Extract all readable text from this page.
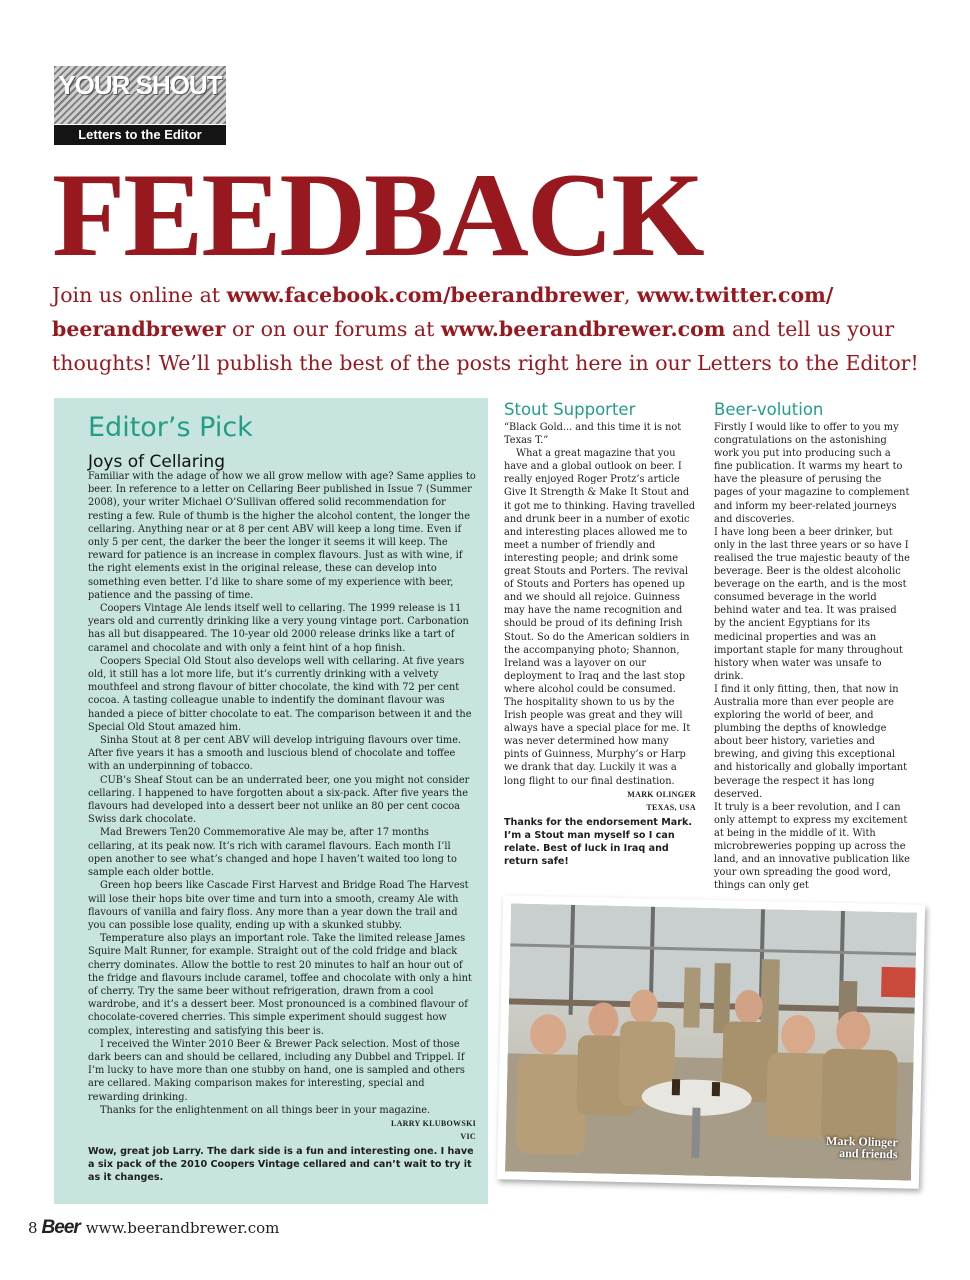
YOUR SHOUT
Letters to the Editor
FEEDBACK
Join us online at www.facebook.com/beerandbrewer, www.twitter.com/
beerandbrewer or on our forums at www.beerandbrewer.com and tell us your thoughts! We’ll publish the best of the posts right here in our Letters to the Editor!
Editor’s Pick
Joys of Cellaring

Familiar with the adage of how we all grow mellow with age? Same applies to beer. In reference to a letter on Cellaring Beer published in Issue 7 (Summer 2008), your writer Michael O’Sullivan offered solid recommendation for resting a few. Rule of thumb is the higher the alcohol content, the longer the cellaring. Anything near or at 8 per cent ABV will keep a long time. Even if only 5 per cent, the darker the beer the longer it seems it will keep. The reward for patience is an increase in complex flavours. Just as with wine, if the right elements exist in the original release, these can develop into something even better. I’d like to share some of my experience with beer, patience and the passing of time.

Coopers Vintage Ale lends itself well to cellaring. The 1999 release is 11 years old and currently drinking like a very young vintage port. Carbonation has all but disappeared. The 10-year old 2000 release drinks like a tart of caramel and chocolate and with only a feint hint of a hop finish.

Coopers Special Old Stout also develops well with cellaring. At five years old, it still has a lot more life, but it’s currently drinking with a velvety mouthfeel and strong flavour of bitter chocolate, the kind with 72 per cent cocoa. A tasting colleague unable to indentify the dominant flavour was handed a piece of bitter chocolate to eat. The comparison between it and the Special Old Stout amazed him.

Sinha Stout at 8 per cent ABV will develop intriguing flavours over time. After five years it has a smooth and luscious blend of chocolate and toffee with an underpinning of tobacco.

CUB’s Sheaf Stout can be an underrated beer, one you might not consider cellaring. I happened to have forgotten about a six-pack. After five years the flavours had developed into a dessert beer not unlike an 80 per cent cocoa Swiss dark chocolate.

Mad Brewers Ten20 Commemorative Ale may be, after 17 months cellaring, at its peak now. It’s rich with caramel flavours. Each month I’ll open another to see what’s changed and hope I haven’t waited too long to sample each older bottle.

Green hop beers like Cascade First Harvest and Bridge Road The Harvest will lose their hops bite over time and turn into a smooth, creamy Ale with flavours of vanilla and fairy floss. Any more than a year down the trail and you can possible lose quality, ending up with a skunked stubby.

Temperature also plays an important role. Take the limited release James Squire Malt Runner, for example. Straight out of the cold fridge and black cherry dominates. Allow the bottle to rest 20 minutes to half an hour out of the fridge and flavours include caramel, toffee and chocolate with only a hint of cherry. Try the same beer without refrigeration, drawn from a cool wardrobe, and it’s a dessert beer. Most pronounced is a combined flavour of chocolate-covered cherries. This simple experiment should suggest how complex, interesting and satisfying this beer is.

I received the Winter 2010 Beer & Brewer Pack selection. Most of those dark beers can and should be cellared, including any Dubbel and Trippel. If I’m lucky to have more than one stubby on hand, one is sampled and others are cellared. Making comparison makes for interesting, special and rewarding drinking.

Thanks for the enlightenment on all things beer in your magazine.

LARRY KLUBOWSKI
VIC
Wow, great job Larry. The dark side is a fun and interesting one. I have a six pack of the 2010 Coopers Vintage cellared and can’t wait to try it as it changes.
Stout Supporter

“Black Gold... and this time it is not Texas T.”

What a great magazine that you have and a global outlook on beer. I really enjoyed Roger Protz’s article Give It Strength & Make It Stout and it got me to thinking. Having travelled and drunk beer in a number of exotic and interesting places allowed me to meet a number of friendly and interesting people; and drink some great Stouts and Porters. The revival of Stouts and Porters has opened up and we should all rejoice. Guinness may have the name recognition and should be proud of its defining Irish Stout. So do the American soldiers in the accompanying photo; Shannon, Ireland was a layover on our deployment to Iraq and the last stop where alcohol could be consumed. The hospitality shown to us by the Irish people was great and they will always have a special place for me. It was never determined how many pints of Guinness, Murphy’s or Harp we drank that day. Luckily it was a long flight to our final destination.

MARK OLINGER
TEXAS, USA
Thanks for the endorsement Mark. I’m a Stout man myself so I can relate. Best of luck in Iraq and return safe!
Beer-volution

Firstly I would like to offer to you my congratulations on the astonishing work you put into producing such a fine publication. It warms my heart to have the pleasure of perusing the pages of your magazine to complement and inform my beer-related journeys and discoveries.

I have long been a beer drinker, but only in the last three years or so have I realised the true majestic beauty of the beverage. Beer is the oldest alcoholic beverage on the earth, and is the most consumed beverage in the world behind water and tea. It was praised by the ancient Egyptians for its medicinal properties and was an important staple for many throughout history when water was unsafe to drink.

I find it only fitting, then, that now in Australia more than ever people are exploring the world of beer, and plumbing the depths of knowledge about beer history, varieties and brewing, and giving this exceptional and historically and globally important beverage the respect it has long deserved.

It truly is a beer revolution, and I can only attempt to express my excitement at being in the middle of it. With microbreweries popping up across the land, and an innovative publication like your own spreading the good word, things can only get

Mark Olinger
and friends
8 Beer www.beerandbrewer.com
